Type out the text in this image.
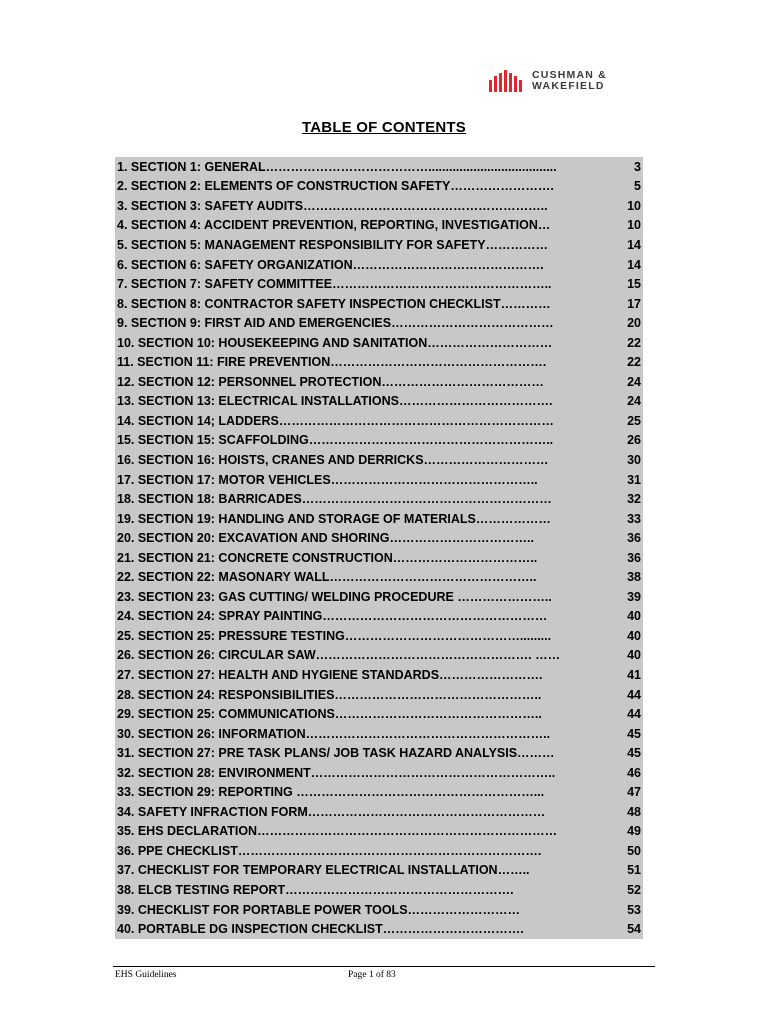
CUSHMAN &
WAKEFIELD
TABLE OF CONTENTS
1. SECTION 1: GENERAL………………………………….....................................	3
2. SECTION 2: ELEMENTS OF CONSTRUCTION SAFETY…………………….	5
3. SECTION 3: SAFETY AUDITS…………………………………………………..	10
4. SECTION 4: ACCIDENT PREVENTION, REPORTING, INVESTIGATION…	10
5. SECTION 5: MANAGEMENT RESPONSIBILITY FOR SAFETY……………	14
6. SECTION 6: SAFETY ORGANIZATION……………………………………….	14
7. SECTION 7: SAFETY COMMITTEE……………………………………………..	15
8. SECTION 8: CONTRACTOR SAFETY INSPECTION CHECKLIST…………	17
9. SECTION 9: FIRST AID AND EMERGENCIES…………………………………	20
10. SECTION 10: HOUSEKEEPING AND SANITATION…………………………	22
11. SECTION 11: FIRE PREVENTION…………………………………………….	22
12. SECTION 12: PERSONNEL PROTECTION…………………………………	24
13. SECTION 13: ELECTRICAL INSTALLATIONS……………………………….	24
14. SECTION 14; LADDERS…………………………………………………………	25
15. SECTION 15: SCAFFOLDING…………………………………………………..	26
16. SECTION 16: HOISTS, CRANES AND DERRICKS…………………………	30
17. SECTION 17: MOTOR VEHICLES…………………………………………..	31
18. SECTION 18: BARRICADES……………………………………………………	32
19. SECTION 19: HANDLING AND STORAGE OF MATERIALS………………	33
20. SECTION 20: EXCAVATION AND SHORING……………………………..	36
21. SECTION 21: CONCRETE CONSTRUCTION……………………………..	36
22. SECTION 22: MASONARY WALL…………………………………………..	38
23. SECTION 23: GAS CUTTING/ WELDING PROCEDURE …………………..	39
24. SECTION 24: SPRAY PAINTING………………………………………………	40
25. SECTION 25: PRESSURE TESTING…………………………………….........	40
26. SECTION 26: CIRCULAR SAW……………………………………………. ……	40
27. SECTION 27: HEALTH AND HYGIENE STANDARDS…………………….	41
28. SECTION 24: RESPONSIBILITIES…………………………………………..	44
29. SECTION 25: COMMUNICATIONS…………………………………………..	44
30. SECTION 26: INFORMATION…………………………………………………..	45
31. SECTION 27: PRE TASK PLANS/ JOB TASK HAZARD ANALYSIS………	45
32. SECTION 28: ENVIRONMENT…………………………………………………..	46
33. SECTION 29: REPORTING …………………………………………………...	47
34. SAFETY INFRACTION FORM…………………………………………………	48
35. EHS DECLARATION………………………………………………………………	49
36. PPE CHECKLIST……………………………………………………………….	50
37. CHECKLIST FOR TEMPORARY ELECTRICAL INSTALLATION……..	51
38. ELCB TESTING REPORT……………………………………………….	52
39. CHECKLIST FOR PORTABLE POWER TOOLS………………………	53
40. PORTABLE DG INSPECTION CHECKLIST…………………………….	54
EHS Guidelines	Page 1 of 83
